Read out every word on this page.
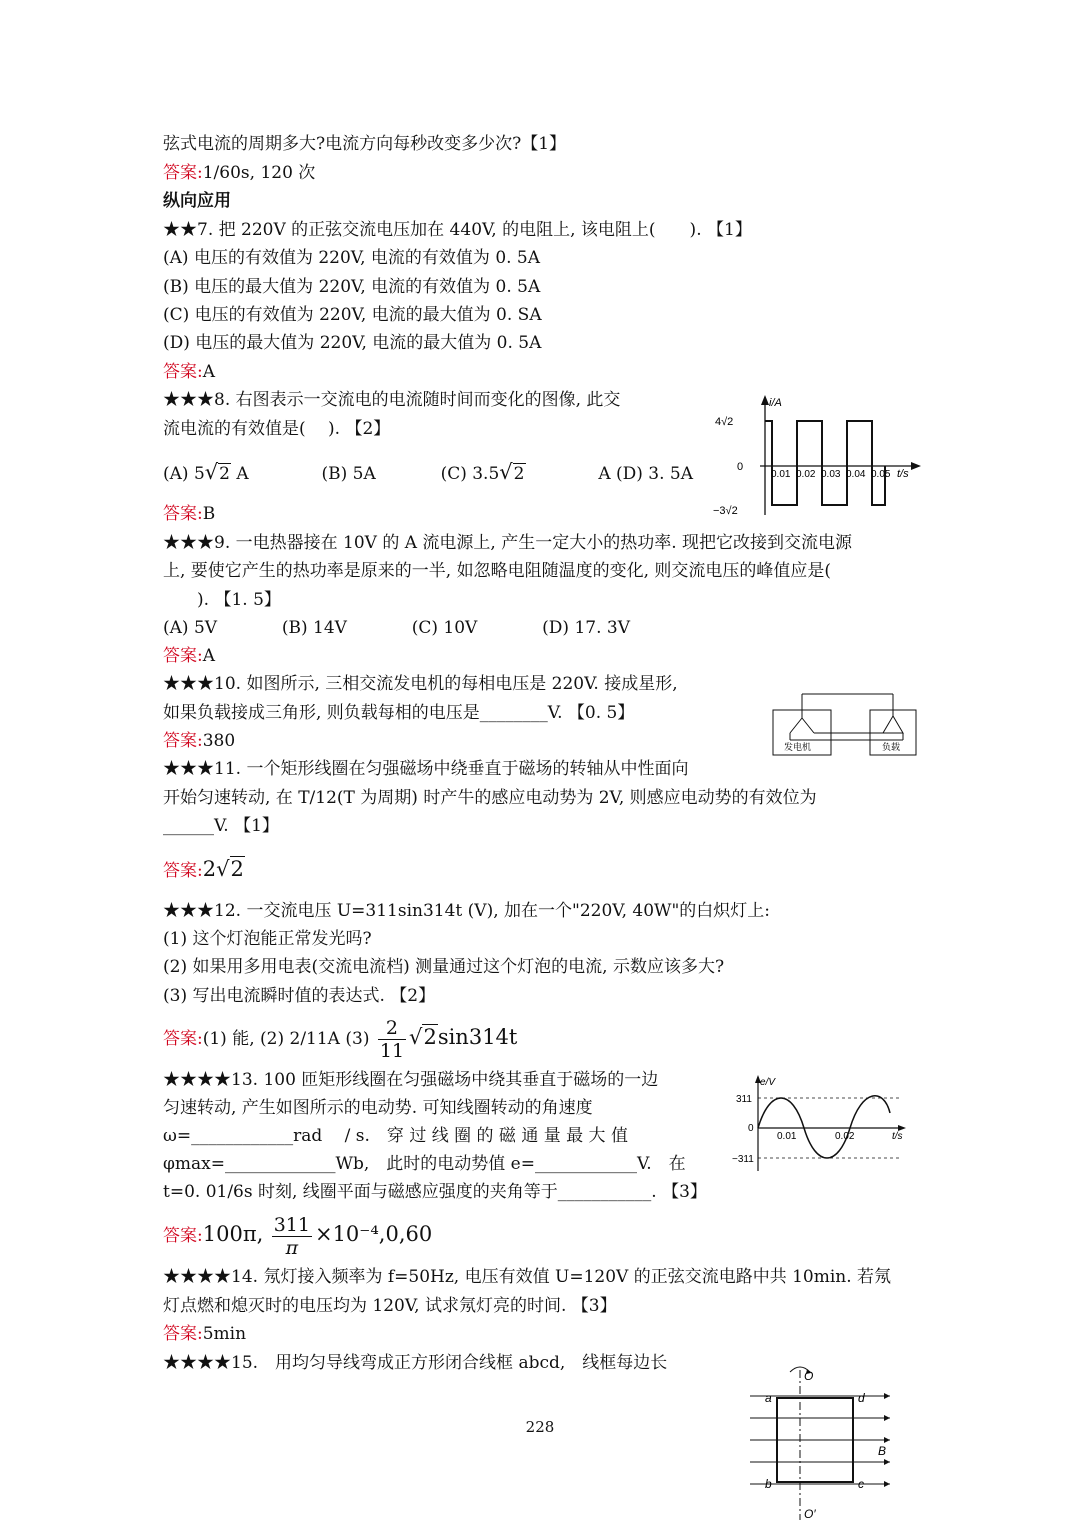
弦式电流的周期多大?电流方向每秒改变多少次?【1】
答案:1/60s, 120 次
纵向应用
★★7. 把 220V 的正弦交流电压加在 440V, 的电阻上, 该电阻上(　　). 【1】
(A) 电压的有效值为 220V, 电流的有效值为 0. 5A
(B) 电压的最大值为 220V, 电流的有效值为 0. 5A
(C) 电压的有效值为 220V, 电流的最大值为 0. SA
(D) 电压的最大值为 220V, 电流的最大值为 0. 5A
答案:A
★★★8. 右图表示一交流电的电流随时间而变化的图像, 此交
流电流的有效值是(　 ). 【2】
(A) 5√2 A	(B) 5A	(C) 3.5√2	A (D) 3. 5A
答案:B
i/A
4√2
0
−3√2
t/s
0.01 0.02 0.03 0.04 0.05
★★★9. 一电热器接在 10V 的 A 流电源上, 产生一定大小的热功率. 现把它改接到交流电源
上, 要使它产生的热功率是原来的一半, 如忽略电阻随温度的变化, 则交流电压的峰值应是(
　　). 【1. 5】
(A) 5V	(B) 14V	(C) 10V	(D) 17. 3V
答案:A
★★★10. 如图所示, 三相交流发电机的每相电压是 220V. 接成星形,
如果负载接成三角形, 则负载每相的电压是________V. 【0. 5】
答案:380	发电机	负载
★★★11. 一个矩形线圈在匀强磁场中绕垂直于磁场的转轴从中性面向
开始匀速转动, 在 T/12(T 为周期) 时产牛的感应电动势为 2V, 则感应电动势的有效位为
______V. 【1】
答案:2√2
★★★12. 一交流电压 U=311sin314t (V), 加在一个"220V, 40W"的白炽灯上:
(1) 这个灯泡能正常发光吗?
(2) 如果用多用电表(交流电流档) 测量通过这个灯泡的电流, 示数应该多大?
(3) 写出电流瞬时值的表达式. 【2】
答案:(1) 能, (2) 2/11A $(3) \frac{2}{11} √2\sin 314t$
★★★★13. 100 匝矩形线圈在匀强磁场中绕其垂直于磁场的一边
匀速转动, 产生如图所示的电动势. 可知线圈转动的角速度
ω=____________rad　 / s.　穿 过 线 圈 的 磁 通 量 最 大 值
φmax=_____________Wb,　此时的电动势值 e=____________V.　在
t=0. 01/6s 时刻, 线圈平面与磁感应强度的夹角等于___________. 【3】
答案:100π, $\frac{311}{\pi} \times 10^{-4},0,60$
e/V
311
0
−311
0.01	0.02	t/s
★★★★14. 氖灯接入频率为 f=50Hz, 电压有效值 U=120V 的正弦交流电路中共 10min. 若氖
灯点燃和熄灭时的电压均为 120V, 试求氖灯亮的时间. 【3】
答案:5min
★★★★15.　用均匀导线弯成正方形闭合线框 abcd,　线框每边长
228
O
O′
a	d
b	c
B
